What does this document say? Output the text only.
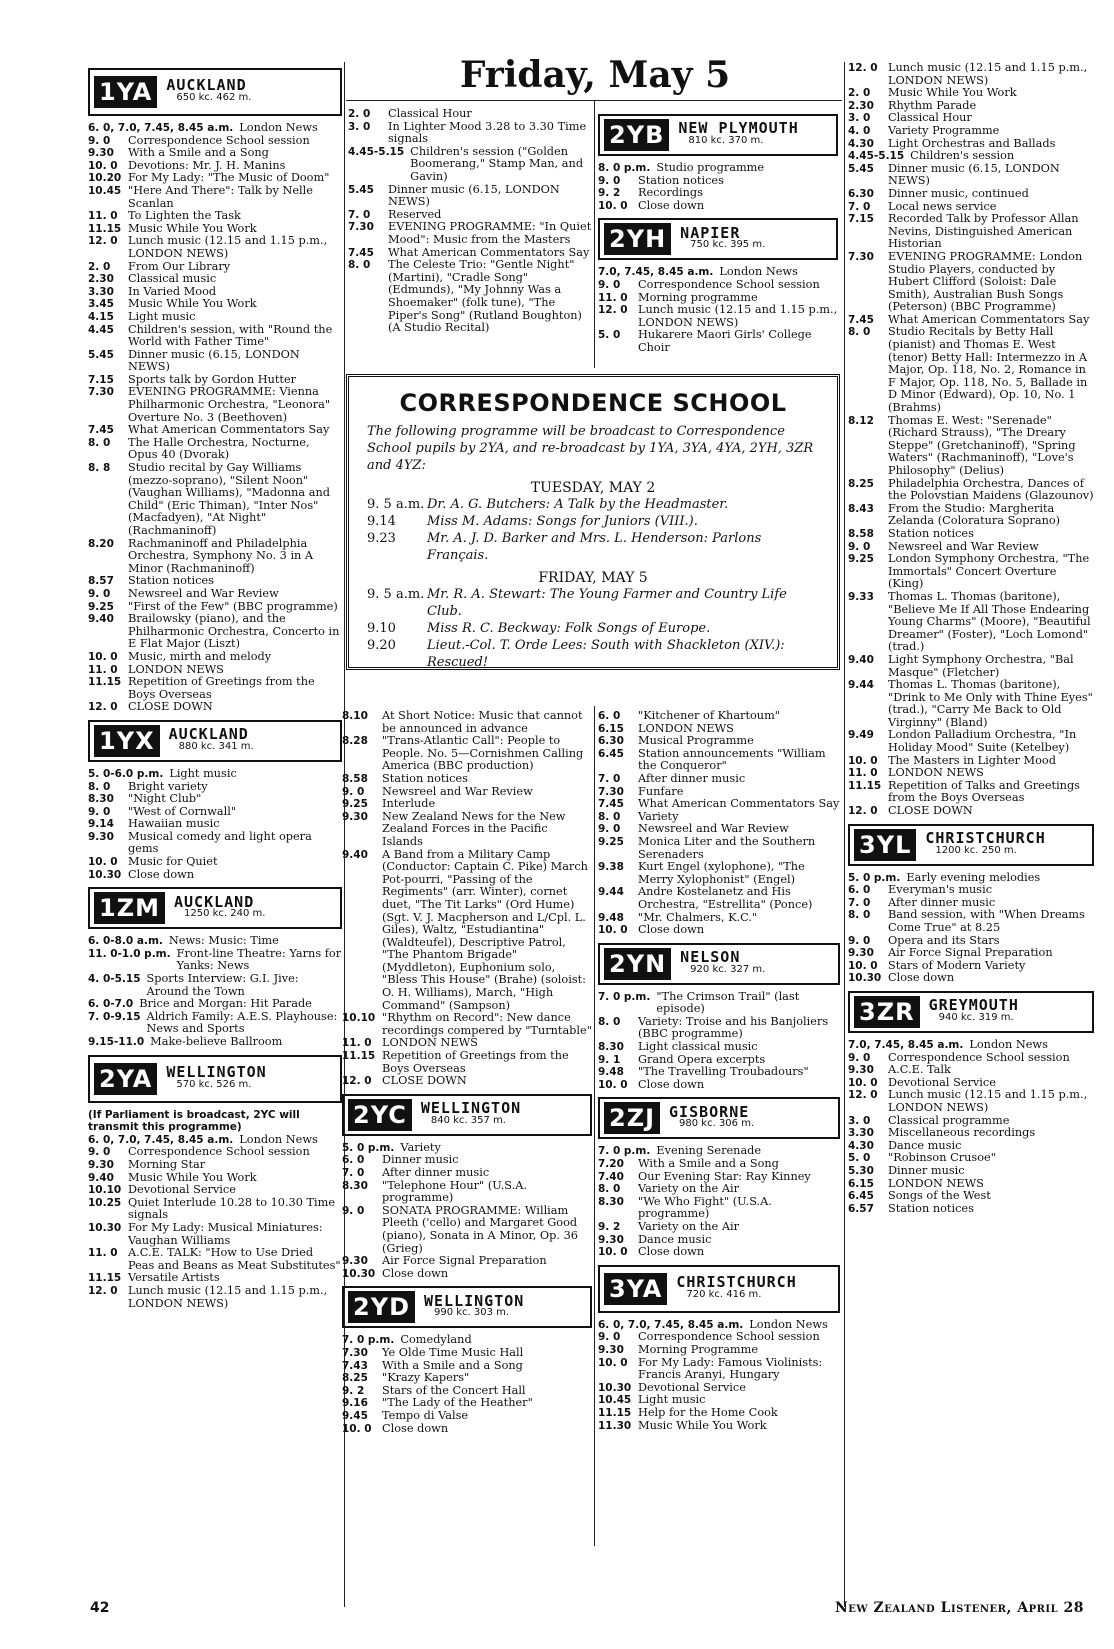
Friday, May 5
1YA AUCKLAND
650 kc. 462 m.
6. 0, 7.0, 7.45, 8.45 a.m. London News
9. 0	Correspondence School session
9.30	With a Smile and a Song
10. 0 Devotions: Mr. J. H. Manins
10.20 For My Lady: "The Music of Doom"
10.45 "Here And There": Talk by Nelle Scanlan
11. 0 To Lighten the Task
11.15 Music While You Work
12. 0 Lunch music (12.15 and 1.15 p.m., LONDON NEWS)
2. 0	From Our Library
2.30	Classical music
3.30	In Varied Mood
3.45	Music While You Work
4.15	Light music
4.45	Children's session, with "Round the World with Father Time"
5.45	Dinner music (6.15, LONDON NEWS)
7.15	Sports talk by Gordon Hutter
7.30	EVENING PROGRAMME: Vienna Philharmonic Orchestra, "Leonora" Overture No. 3 (Beethoven)
7.45	What American Commentators Say
8. 0	The Halle Orchestra, Nocturne, Opus 40 (Dvorak)
8. 8	Studio recital by Gay Williams (mezzo-soprano), "Silent Noon" (Vaughan Williams), "Madonna and Child" (Eric Thiman), "Inter Nos" (Macfadyen), "At Night" (Rachmaninoff)
8.20	Rachmaninoff and Philadelphia Orchestra, Symphony No. 3 in A Minor (Rachmaninoff)
8.57	Station notices
9. 0	Newsreel and War Review
9.25	"First of the Few" (BBC programme)
9.40	Brailowsky (piano), and the Philharmonic Orchestra, Concerto in E Flat Major (Liszt)
10. 0 Music, mirth and melody
11. 0 LONDON NEWS
11.15 Repetition of Greetings from the Boys Overseas
12. 0 CLOSE DOWN
1YX AUCKLAND
880 kc. 341 m.
5. 0-6.0 p.m. Light music
8. 0	Bright variety
8.30	"Night Club"
9. 0	"West of Cornwall"
9.14	Hawaiian music
9.30	Musical comedy and light opera gems
10. 0 Music for Quiet
10.30 Close down
1ZM AUCKLAND
1250 kc. 240 m.
6. 0-8.0 a.m. News: Music: Time
11. 0-1.0 p.m. Front-line Theatre: Yarns for Yanks: News
4. 0-5.15 Sports Interview: G.I. Jive: Around the Town
6. 0-7.0 Brice and Morgan: Hit Parade
7. 0-9.15 Aldrich Family: A.E.S. Playhouse: News and Sports
9.15-11.0 Make-believe Ballroom
2YA WELLINGTON
570 kc. 526 m.
(If Parliament is broadcast, 2YC will transmit this programme)
6. 0, 7.0, 7.45, 8.45 a.m. London News
9. 0	Correspondence School session
9.30	Morning Star
9.40	Music While You Work
10.10 Devotional Service
10.25 Quiet Interlude 10.28 to 10.30 Time signals
10.30 For My Lady: Musical Miniatures: Vaughan Williams
11. 0 A.C.E. TALK: "How to Use Dried Peas and Beans as Meat Substitutes"
11.15 Versatile Artists
12. 0 Lunch music (12.15 and 1.15 p.m., LONDON NEWS)
2. 0	Classical Hour
3. 0	In Lighter Mood 3.28 to 3.30 Time signals
4.45-5.15 Children's session ("Golden Boomerang," Stamp Man, and Gavin)
5.45	Dinner music (6.15, LONDON NEWS)
7. 0	Reserved
7.30	EVENING PROGRAMME: "In Quiet Mood": Music from the Masters
7.45	What American Commentators Say
8. 0	The Celeste Trio: "Gentle Night" (Martini), "Cradle Song" (Edmunds), "My Johnny Was a Shoemaker" (folk tune), "The Piper's Song" (Rutland Boughton) (A Studio Recital)
2YB NEW PLYMOUTH
810 kc. 370 m.
8. 0 p.m. Studio programme
9. 0	Station notices
9. 2	Recordings
10. 0 Close down
2YH NAPIER
750 kc. 395 m.
7.0, 7.45, 8.45 a.m. London News
9. 0	Correspondence School session
11. 0 Morning programme
12. 0 Lunch music (12.15 and 1.15 p.m., LONDON NEWS)
5. 0	Hukarere Maori Girls' College Choir
CORRESPONDENCE SCHOOL
The following programme will be broadcast to Correspondence School pupils by 2YA, and re-broadcast by 1YA, 3YA, 4YA, 2YH, 3ZR and 4YZ:
TUESDAY, MAY 2
9. 5 a.m. Dr. A. G. Butchers: A Talk by the Headmaster.
9.14	Miss M. Adams: Songs for Juniors (VIII.).
9.23	Mr. A. J. D. Barker and Mrs. L. Henderson: Parlons Français.
FRIDAY, MAY 5
9. 5 a.m. Mr. R. A. Stewart: The Young Farmer and Country Life Club.
9.10	Miss R. C. Beckway: Folk Songs of Europe.
9.20	Lieut.-Col. T. Orde Lees: South with Shackleton (XIV.): Rescued!
8.10	At Short Notice: Music that cannot be announced in advance
8.28	"Trans-Atlantic Call": People to People. No. 5—Cornishmen Calling America (BBC production)
8.58	Station notices
9. 0	Newsreel and War Review
9.25	Interlude
9.30	New Zealand News for the New Zealand Forces in the Pacific Islands
9.40	A Band from a Military Camp (Conductor: Captain C. Pike) March Pot-pourri, "Passing of the Regiments" (arr. Winter), cornet duet, "The Tit Larks" (Ord Hume) (Sgt. V. J. Macpherson and L/Cpl. L. Giles), Waltz, "Estudiantina" (Waldteufel), Descriptive Patrol, "The Phantom Brigade" (Myddleton), Euphonium solo, "Bless This House" (Brahe) (soloist: O. H. Williams), March, "High Command" (Sampson)
10.10 "Rhythm on Record": New dance recordings compered by "Turntable"
11. 0 LONDON NEWS
11.15 Repetition of Greetings from the Boys Overseas
12. 0 CLOSE DOWN
2YC WELLINGTON
840 kc. 357 m.
5. 0 p.m. Variety
6. 0	Dinner music
7. 0	After dinner music
8.30	"Telephone Hour" (U.S.A. programme)
9. 0	SONATA PROGRAMME: William Pleeth ('cello) and Margaret Good (piano), Sonata in A Minor, Op. 36 (Grieg)
9.30	Air Force Signal Preparation
10.30 Close down
2YD WELLINGTON
990 kc. 303 m.
7. 0 p.m. Comedyland
7.30	Ye Olde Time Music Hall
7.43	With a Smile and a Song
8.25	"Krazy Kapers"
9. 2	Stars of the Concert Hall
9.16	"The Lady of the Heather"
9.45	Tempo di Valse
10. 0 Close down
6. 0	"Kitchener of Khartoum"
6.15	LONDON NEWS
6.30	Musical Programme
6.45	Station announcements "William the Conqueror"
7. 0	After dinner music
7.30	Funfare
7.45	What American Commentators Say
8. 0	Variety
9. 0	Newsreel and War Review
9.25	Monica Liter and the Southern Serenaders
9.38	Kurt Engel (xylophone), "The Merry Xylophonist" (Engel)
9.44	Andre Kostelanetz and His Orchestra, "Estrellita" (Ponce)
9.48	"Mr. Chalmers, K.C."
10. 0 Close down
2YN NELSON
920 kc. 327 m.
7. 0 p.m. "The Crimson Trail" (last episode)
8. 0	Variety: Troise and his Banjoliers (BBC programme)
8.30	Light classical music
9. 1	Grand Opera excerpts
9.48	"The Travelling Troubadours"
10. 0 Close down
2ZJ GISBORNE
980 kc. 306 m.
7. 0 p.m. Evening Serenade
7.20	With a Smile and a Song
7.40	Our Evening Star: Ray Kinney
8. 0	Variety on the Air
8.30	"We Who Fight" (U.S.A. programme)
9. 2	Variety on the Air
9.30	Dance music
10. 0 Close down
3YA CHRISTCHURCH
720 kc. 416 m.
6. 0, 7.0, 7.45, 8.45 a.m. London News
9. 0	Correspondence School session
9.30	Morning Programme
10. 0 For My Lady: Famous Violinists: Francis Aranyi, Hungary
10.30 Devotional Service
10.45 Light music
11.15 Help for the Home Cook
11.30 Music While You Work
12. 0 Lunch music (12.15 and 1.15 p.m., LONDON NEWS)
2. 0	Music While You Work
2.30	Rhythm Parade
3. 0	Classical Hour
4. 0	Variety Programme
4.30	Light Orchestras and Ballads
4.45-5.15 Children's session
5.45	Dinner music (6.15, LONDON NEWS)
6.30	Dinner music, continued
7. 0	Local news service
7.15	Recorded Talk by Professor Allan Nevins, Distinguished American Historian
7.30	EVENING PROGRAMME: London Studio Players, conducted by Hubert Clifford (Soloist: Dale Smith), Australian Bush Songs (Peterson) (BBC Programme)
7.45	What American Commentators Say
8. 0	Studio Recitals by Betty Hall (pianist) and Thomas E. West (tenor) Betty Hall: Intermezzo in A Major, Op. 118, No. 2, Romance in F Major, Op. 118, No. 5, Ballade in D Minor (Edward), Op. 10, No. 1 (Brahms)
8.12	Thomas E. West: "Serenade" (Richard Strauss), "The Dreary Steppe" (Gretchaninoff), "Spring Waters" (Rachmaninoff), "Love's Philosophy" (Delius)
8.25	Philadelphia Orchestra, Dances of the Polovstian Maidens (Glazounov)
8.43	From the Studio: Margherita Zelanda (Coloratura Soprano)
8.58	Station notices
9. 0	Newsreel and War Review
9.25	London Symphony Orchestra, "The Immortals" Concert Overture (King)
9.33	Thomas L. Thomas (baritone), "Believe Me If All Those Endearing Young Charms" (Moore), "Beautiful Dreamer" (Foster), "Loch Lomond" (trad.)
9.40	Light Symphony Orchestra, "Bal Masque" (Fletcher)
9.44	Thomas L. Thomas (baritone), "Drink to Me Only with Thine Eyes" (trad.), "Carry Me Back to Old Virginny" (Bland)
9.49	London Palladium Orchestra, "In Holiday Mood" Suite (Ketelbey)
10. 0 The Masters in Lighter Mood
11. 0 LONDON NEWS
11.15 Repetition of Talks and Greetings from the Boys Overseas
12. 0 CLOSE DOWN
3YL CHRISTCHURCH
1200 kc. 250 m.
5. 0 p.m. Early evening melodies
6. 0	Everyman's music
7. 0	After dinner music
8. 0	Band session, with "When Dreams Come True" at 8.25
9. 0	Opera and its Stars
9.30	Air Force Signal Preparation
10. 0 Stars of Modern Variety
10.30 Close down
3ZR GREYMOUTH
940 kc. 319 m.
7.0, 7.45, 8.45 a.m. London News
9. 0	Correspondence School session
9.30	A.C.E. Talk
10. 0 Devotional Service
12. 0 Lunch music (12.15 and 1.15 p.m., LONDON NEWS)
3. 0	Classical programme
3.30	Miscellaneous recordings
4.30	Dance music
5. 0	"Robinson Crusoe"
5.30	Dinner music
6.15	LONDON NEWS
6.45	Songs of the West
6.57	Station notices
42	New Zealand Listener, April 28
